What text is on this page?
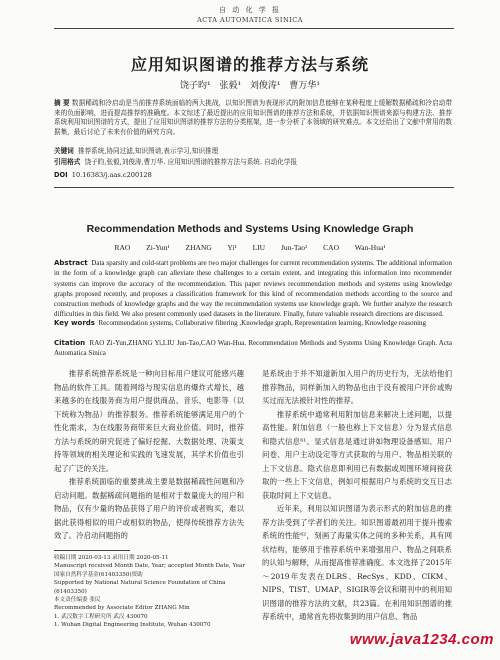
自 动 化 学 报
ACTA AUTOMATICA SINICA
应用知识图谱的推荐方法与系统
饶子昀¹ 张毅¹ 刘俊涛¹ 曹万华¹
摘 要 数据稀疏和冷启动是当前推荐系统面临的两大挑战，以知识图谱为表现形式的附加信息能够在某种程度上缓解数据稀疏和冷启动带来的负面影响，进而提高推荐的准确度。本文综述了最近提出的应用知识图谱的推荐方法和系统，并依据知识图谱来源与构建方法、推荐系统利用知识图谱的方式，提出了应用知识图谱的推荐方法的分类框架，进一步分析了本领域的研究难点。本文还给出了文献中常用的数据集，最后讨论了未来有价值的研究方向。
关键词 推荐系统,协同过滤,知识图谱,表示学习,知识推理
引用格式 饶子昀,张毅,刘俊涛,曹万华. 应用知识图谱的推荐方法与系统. 自动化学报
DOI 10.16383/j.aas.c200128
Recommendation Methods and Systems Using Knowledge Graph
RAO Zi-Yun¹ ZHANG Yi¹ LIU Jun-Tao¹ CAO Wan-Hua¹
Abstract Data sparsity and cold-start problems are two major challenges for current recommendation systems. The additional information in the form of a knowledge graph can alleviate these challenges to a certain extent, and integrating this information into recommender systems can improve the accuracy of the recommendation. This paper reviews recommendation methods and systems using knowledge graphs proposed recently, and proposes a classification framework for this kind of recommendation methods according to the source and construction methods of knowledge graphs and the way the recommendation systems use knowledge graph. We further analyze the research difficulties in this field. We also present commonly used datasets in the literature. Finally, future valuable research directions are discussed.
Key words Recommendation systems, Collaborative filtering ,Knowledge graph, Representation learning, Knowledge reasoning
Citation RAO Zi-Yun,ZHANG Yi,LIU Jun-Tao,CAO Wan-Hua. Recommendation Methods and Systems Using Knowledge Graph. Acta Automatica Sinica

推荐系统推荐系统是一种向目标用户建议可能感兴趣物品的软件工具。随着网络与现实信息的爆炸式增长，越来越多的在线服务商为用户提供商品、音乐、电影等（以下统称为物品）的推荐服务。推荐系统能够满足用户的个性化需求，为在线服务商带来巨大商业价值。同时，推荐方法与系统的研究促进了偏好挖掘、大数据处理、决策支持等领域的相关理论和实践的飞速发展，其学术价值也引起了广泛的关注。

推荐系统面临的重要挑战主要是数据稀疏性问题和冷启动问题。数据稀疏问题指的是相对于数量庞大的用户和物品，仅有少量的物品获得了用户的评价或者购买，难以据此获得相似的用户或相似的物品，使得传统推荐方法失效了。冷启动问题指的

是系统由于并不知道新加入用户的历史行为，无法给他们推荐物品，同样新加入的物品也由于没有被用户评价或购买过而无法被针对性的推荐。

推荐系统中通常利用附加信息来解决上述问题，以提高性能。附加信息（一般也称上下文信息）分为显式信息和隐式信息⁶¹。显式信息是通过讲如物理设备感知、用户问卷、用户主动设定等方式获取的与用户、物品相关联的上下文信息。隐式信息即利用已有数据或周围环境间接获取的一些上下文信息，例如可根据用户与系统的交互日志获取时间上下文信息。

近年来，利用以知识图谱为表示形式的附加信息的推荐方法受到了学者们的关注。知识图谱最初用于提升搜索系统的性能⁶²，刻画了海量实体之间的多种关系，具有网状结构，能够用于推荐系统中来增强用户、物品之间联系的认知与解释，从而提高推荐准确度。本文选择了2015年～2019年发表在DLRS、RecSys、KDD、CIKM、NIPS、TIST、UMAP、SIGIR等会议和期刊中的利用知识图谱的推荐方法的文献，共23篇。在利用知识图谱的推荐系统中，通常首先将收集到的用户信息、物品

收稿日期 2020-03-13 录用日期 2020-05-11
Manuscript received Month Date, Year; accepted Month Date, Year
国家自然科学基金(61403350)资助
Supported by National Natural Science Foundation of China
(61403350)
本文责任编委 张民
Recommended by Associate Editor ZHANG Min
1. 武汉数字工程研究所 武汉 430070
1. Wuhan Digital Engineering Institute, Wuhan 430070
www.java1234.com
